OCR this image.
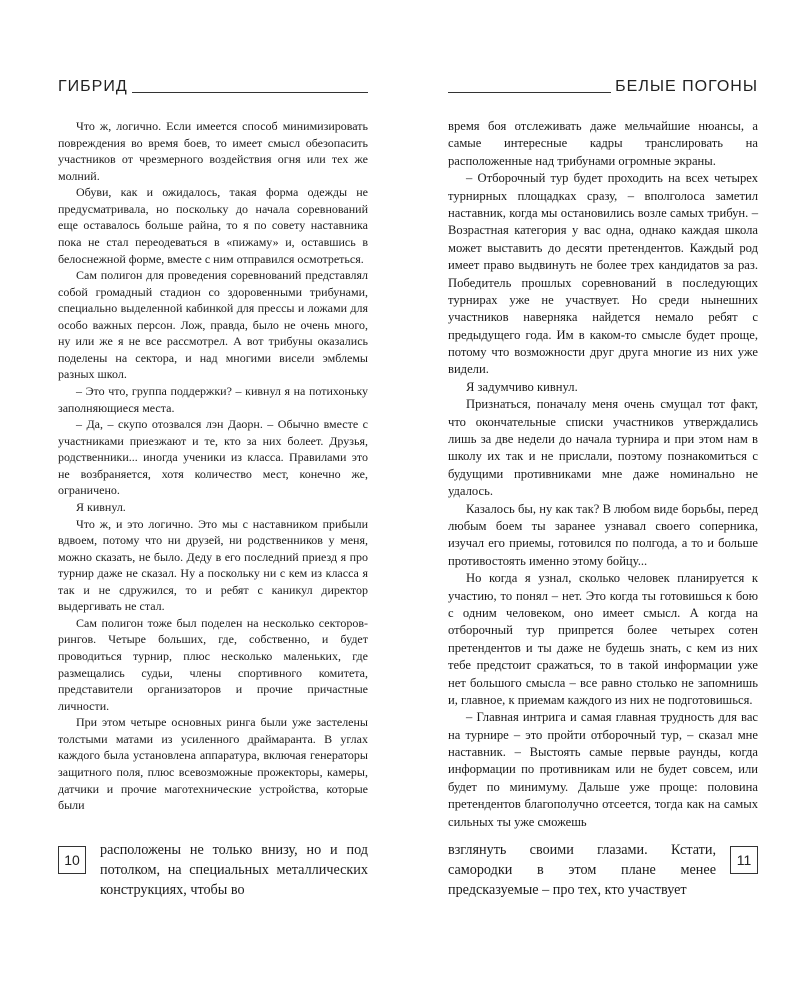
ГИБРИД

Что ж, логично. Если имеется способ минимизировать повреждения во время боев, то имеет смысл обезопасить участников от чрезмерного воздействия огня или тех же молний.

Обуви, как и ожидалось, такая форма одежды не предусматривала, но поскольку до начала соревнований еще оставалось больше райна, то я по совету наставника пока не стал переодеваться в «пижаму» и, оставшись в белоснежной форме, вместе с ним отправился осмотреться.

Сам полигон для проведения соревнований представлял собой громадный стадион со здоровенными трибунами, специально выделенной кабинкой для прессы и ложами для особо важных персон. Лож, правда, было не очень много, ну или же я не все рассмотрел. А вот трибуны оказались поделены на сектора, и над многими висели эмблемы разных школ.

– Это что, группа поддержки? – кивнул я на потихоньку заполняющиеся места.

– Да, – скупо отозвался лэн Даорн. – Обычно вместе с участниками приезжают и те, кто за них болеет. Друзья, родственники... иногда ученики из класса. Правилами это не возбраняется, хотя количество мест, конечно же, ограничено.

Я кивнул.

Что ж, и это логично. Это мы с наставником прибыли вдвоем, потому что ни друзей, ни родственников у меня, можно сказать, не было. Деду в его последний приезд я про турнир даже не сказал. Ну а поскольку ни с кем из класса я так и не сдружился, то и ребят с каникул директор выдергивать не стал.

Сам полигон тоже был поделен на несколько секторов-рингов. Четыре больших, где, собственно, и будет проводиться турнир, плюс несколько маленьких, где размещались судьи, члены спортивного комитета, представители организаторов и прочие причастные личности.

При этом четыре основных ринга были уже застелены толстыми матами из усиленного драймаранта. В углах каждого была установлена аппаратура, включая генераторы защитного поля, плюс всевозможные прожекторы, камеры, датчики и прочие маготехнические устройства, которые были

10

расположены не только внизу, но и под потолком, на специальных металлических конструкциях, чтобы во

БЕЛЫЕ ПОГОНЫ

время боя отслеживать даже мельчайшие нюансы, а самые интересные кадры транслировать на расположенные над трибунами огромные экраны.

– Отборочный тур будет проходить на всех четырех турнирных площадках сразу, – вполголоса заметил наставник, когда мы остановились возле самых трибун. – Возрастная категория у вас одна, однако каждая школа может выставить до десяти претендентов. Каждый род имеет право выдвинуть не более трех кандидатов за раз. Победитель прошлых соревнований в последующих турнирах уже не участвует. Но среди нынешних участников наверняка найдется немало ребят с предыдущего года. Им в каком-то смысле будет проще, потому что возможности друг друга многие из них уже видели.

Я задумчиво кивнул.

Признаться, поначалу меня очень смущал тот факт, что окончательные списки участников утверждались лишь за две недели до начала турнира и при этом нам в школу их так и не прислали, поэтому познакомиться с будущими противниками мне даже номинально не удалось.

Казалось бы, ну как так? В любом виде борьбы, перед любым боем ты заранее узнавал своего соперника, изучал его приемы, готовился по полгода, а то и больше противостоять именно этому бойцу...

Но когда я узнал, сколько человек планируется к участию, то понял – нет. Это когда ты готовишься к бою с одним человеком, оно имеет смысл. А когда на отборочный тур припрется более четырех сотен претендентов и ты даже не будешь знать, с кем из них тебе предстоит сражаться, то в такой информации уже нет большого смысла – все равно столько не запомнишь и, главное, к приемам каждого из них не подготовишься.

– Главная интрига и самая главная трудность для вас на турнире – это пройти отборочный тур, – сказал мне наставник. – Выстоять самые первые раунды, когда информации по противникам или не будет совсем, или будет по минимуму. Дальше уже проще: половина претендентов благополучно отсеется, тогда как на самых сильных ты уже сможешь

взглянуть своими глазами. Кстати, самородки в этом плане менее предсказуемые – про тех, кто участвует

11
